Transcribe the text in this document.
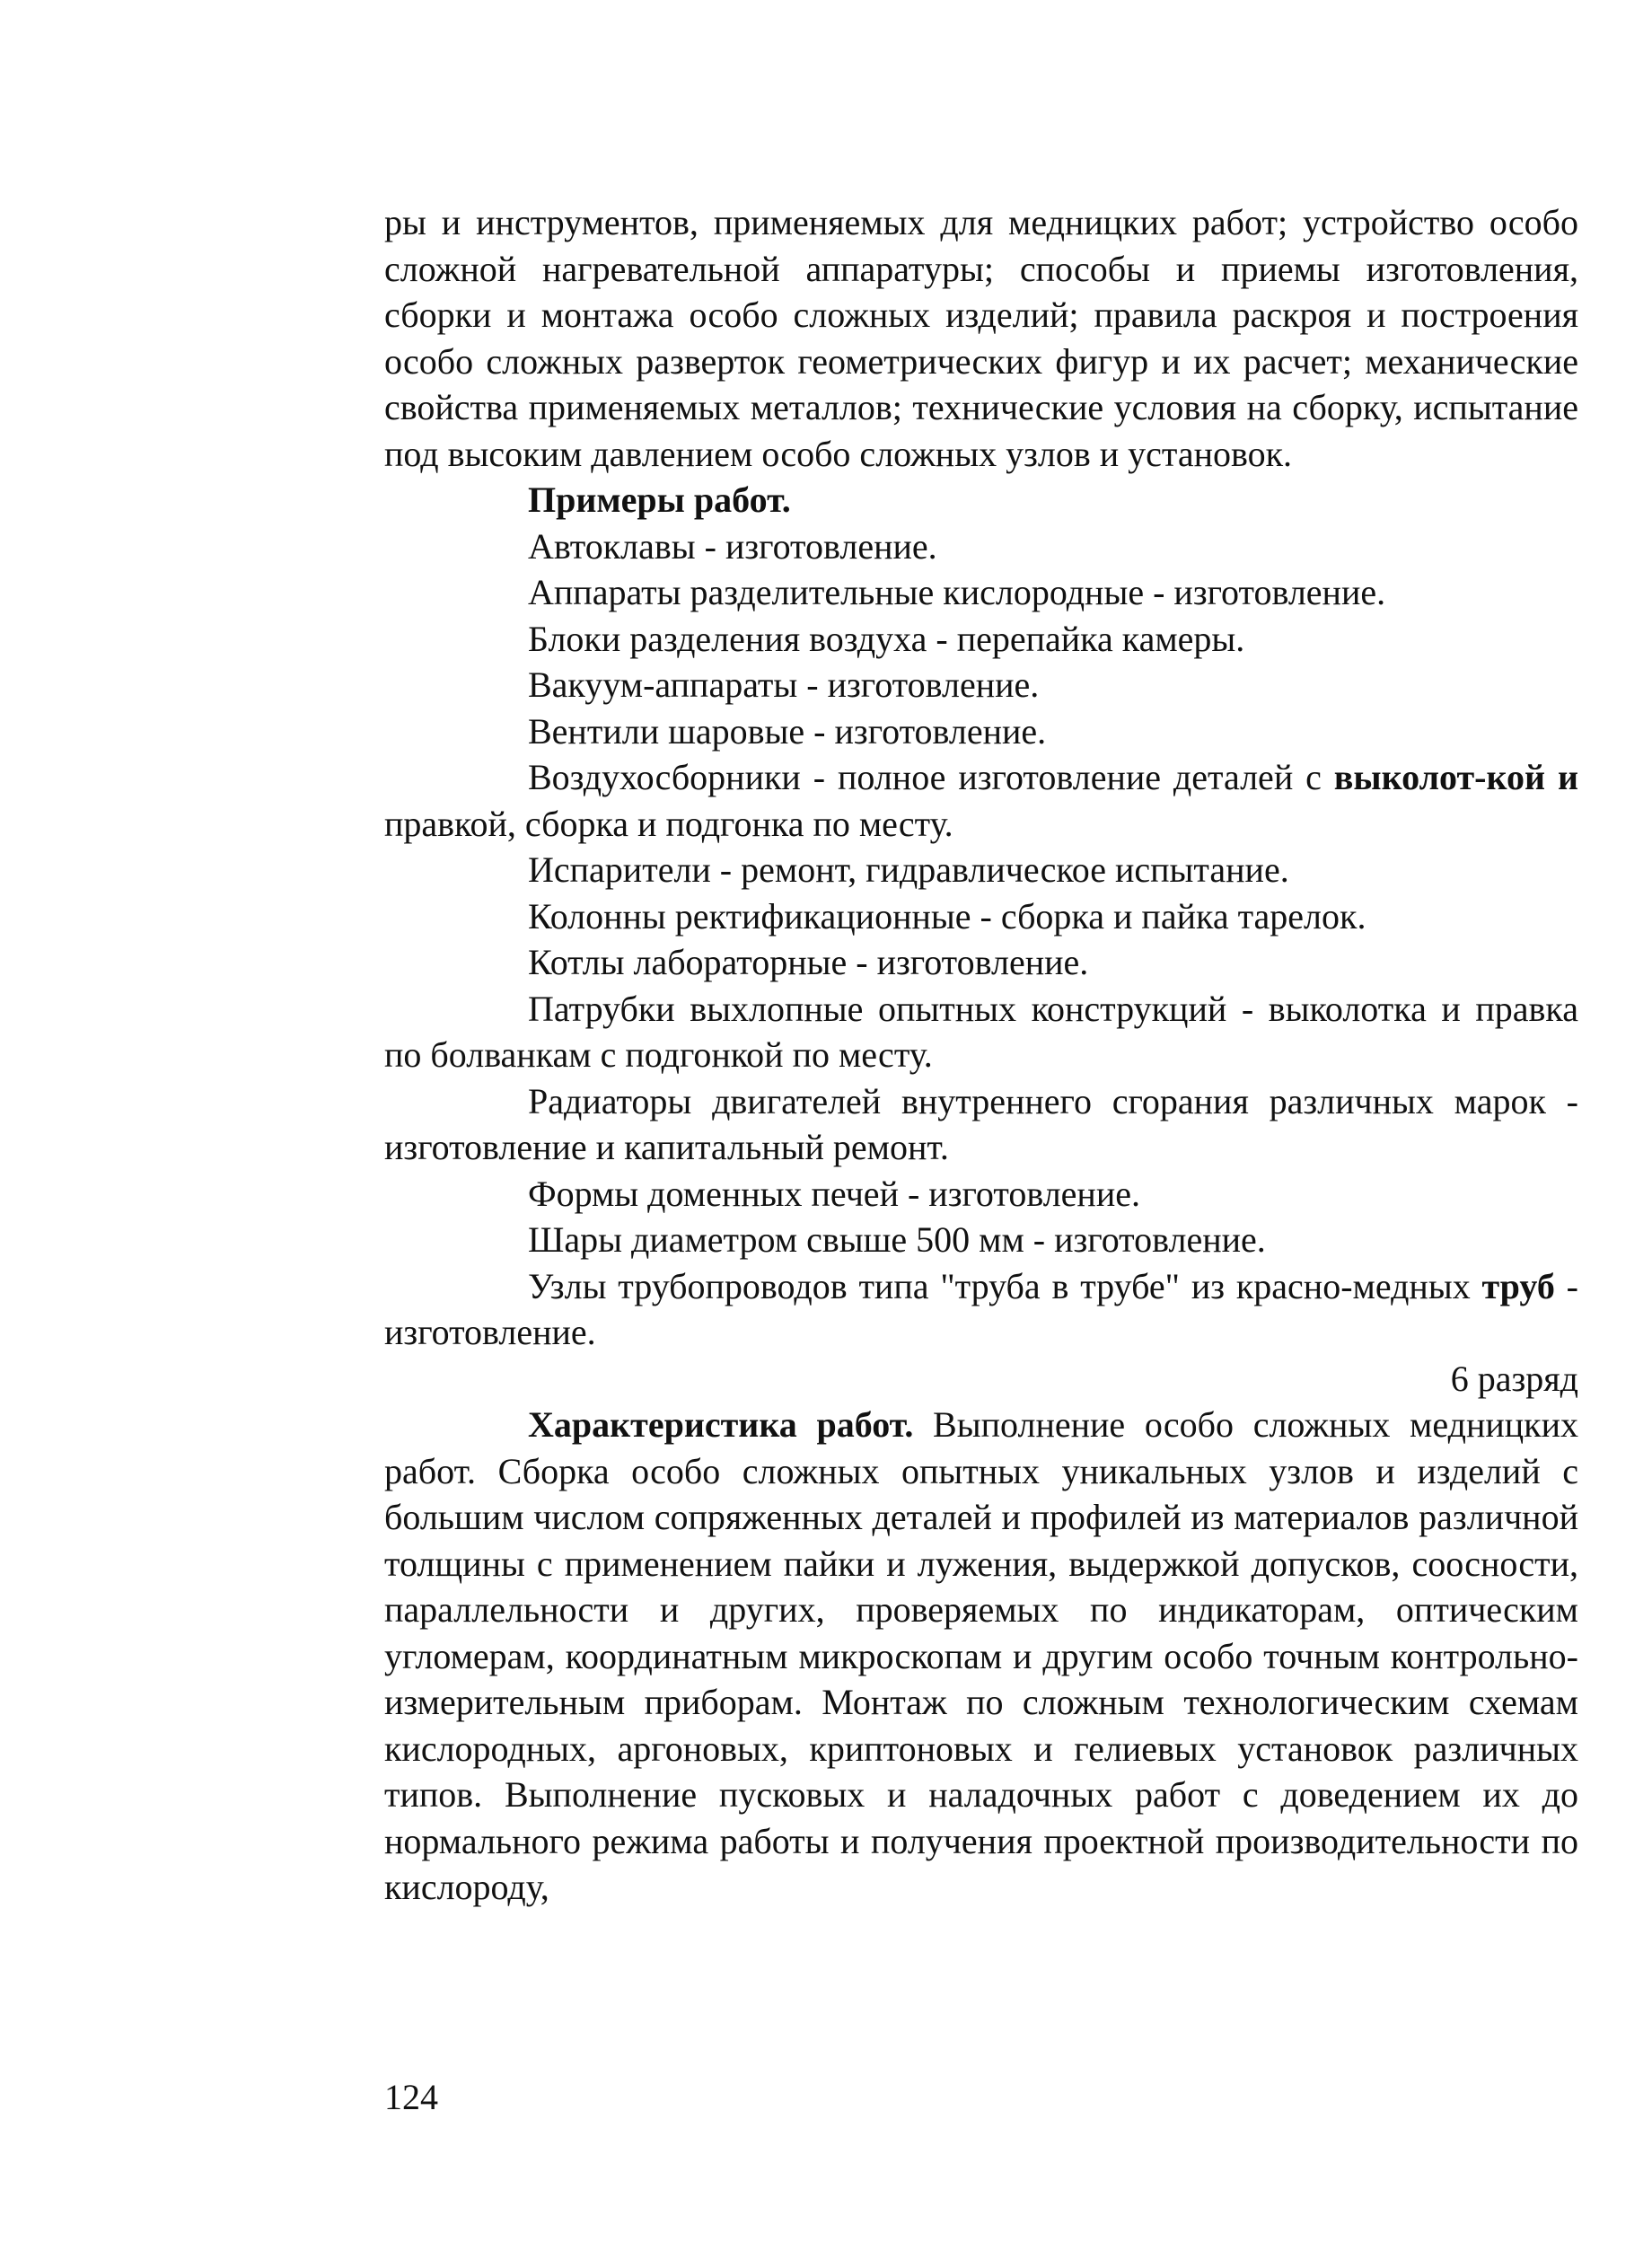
ры и инструментов, применяемых для медницких работ; устройство особо сложной нагревательной аппаратуры; способы и приемы изготовления, сборки и монтажа особо сложных изделий; правила раскроя и построения особо сложных разверток геометрических фигур и их расчет; механические свойства применяемых металлов; технические условия на сборку, испытание под высоким давлением особо сложных узлов и установок.

Примеры работ.

Автоклавы - изготовление.

Аппараты разделительные кислородные - изготовление.

Блоки разделения воздуха - перепайка камеры.

Вакуум-аппараты - изготовление.

Вентили шаровые - изготовление.

Воздухосборники - полное изготовление деталей с выколот-кой и правкой, сборка и подгонка по месту.

Испарители - ремонт, гидравлическое испытание.

Колонны ректификационные - сборка и пайка тарелок.

Котлы лабораторные - изготовление.

Патрубки выхлопные опытных конструкций - выколотка и правка по болванкам с подгонкой по месту.

Радиаторы двигателей внутреннего сгорания различных марок - изготовление и капитальный ремонт.

Формы доменных печей - изготовление.

Шары диаметром свыше 500 мм - изготовление.

Узлы трубопроводов типа "труба в трубе" из красно-медных труб - изготовление.

6 разряд

Характеристика работ. Выполнение особо сложных медницких работ. Сборка особо сложных опытных уникальных узлов и изделий с большим числом сопряженных деталей и профилей из материалов различной толщины с применением пайки и лужения, выдержкой допусков, соосности, параллельности и других, проверяемых по индикаторам, оптическим угломерам, координатным микроскопам и другим особо точным контрольно-измерительным приборам. Монтаж по сложным технологическим схемам кислородных, аргоновых, криптоновых и гелиевых установок различных типов. Выполнение пусковых и наладочных работ с доведением их до нормального режима работы и получения проектной производительности по кислороду,

124
